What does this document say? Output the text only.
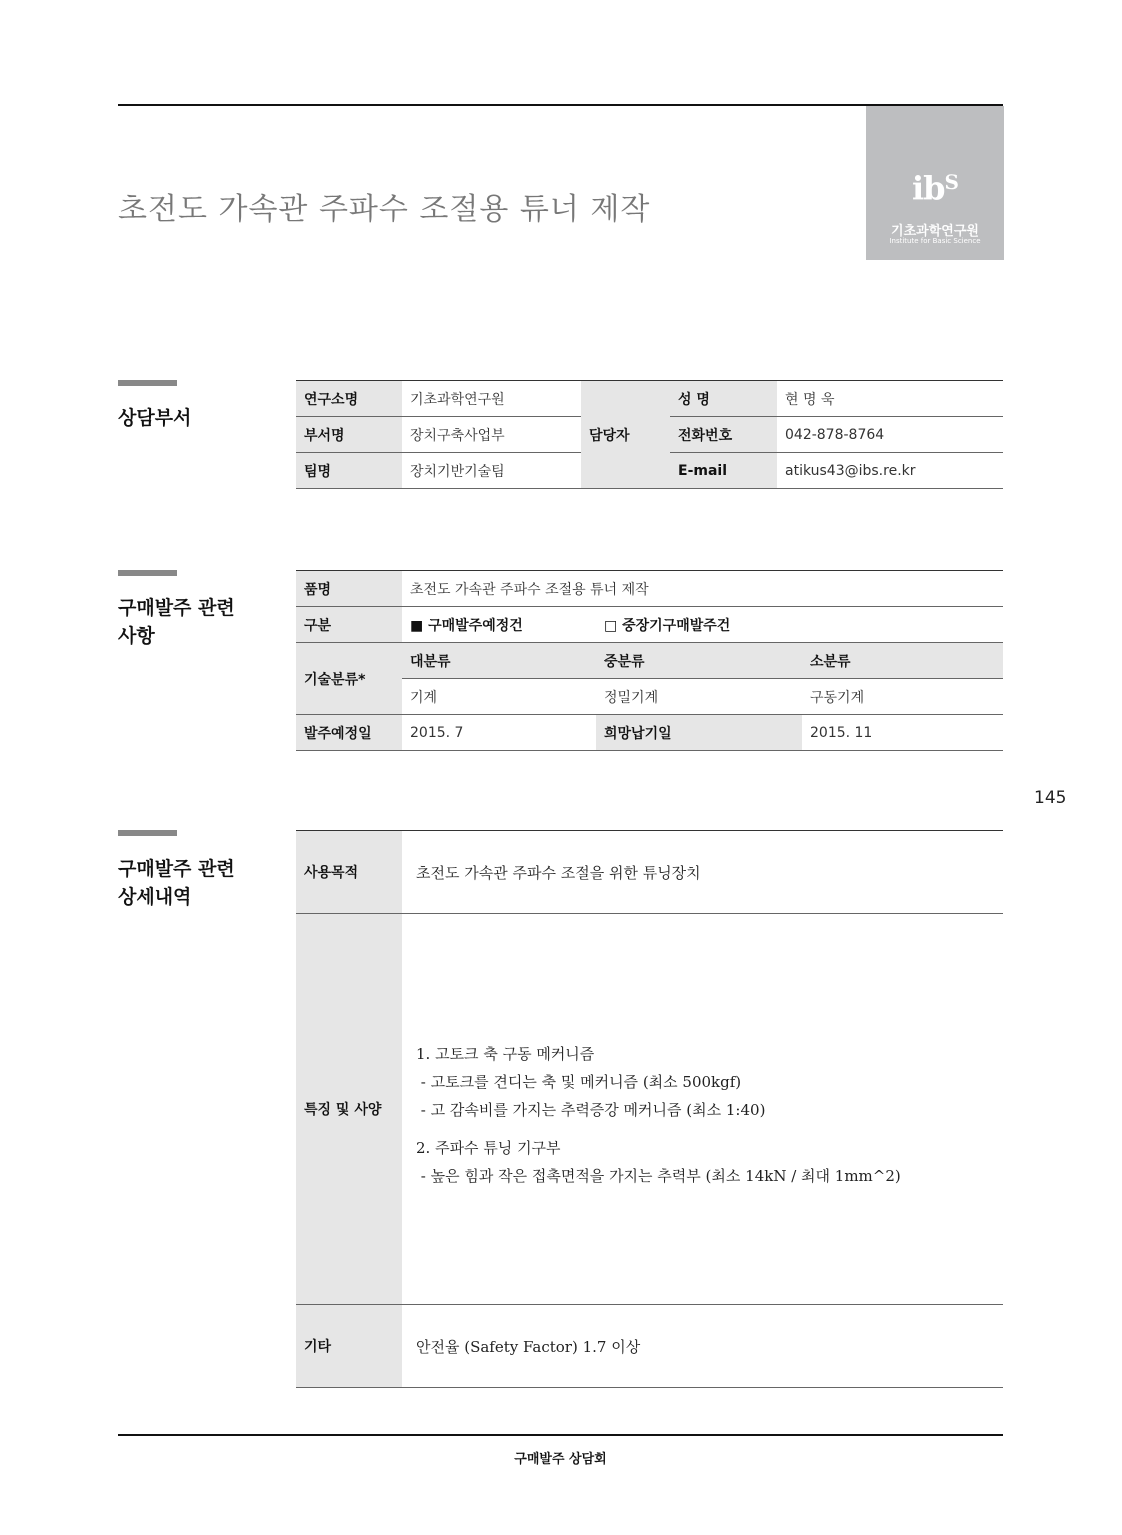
$ib^S$
기초과학연구원
Institute for Basic Science
초전도 가속관 주파수 조절용 튜너 제작
상담부서
연구소명	기초과학연구원	담당자	성 명	현 명 욱
부서명	장치구축사업부		전화번호	042-878-8764
팀명	장치기반기술팀		E-mail	atikus43@ibs.re.kr
구매발주 관련
사항
품명	초전도 가속관 주파수 조절용 튜너 제작		
구분	■ 구매발주예정건	□ 중장기구매발주건	
기술분류*	대분류	중분류	소분류
	기계	정밀기계	구동기계
발주예정일	2015. 7	희망납기일	2015. 11
145
구매발주 관련
상세내역
사용목적	초전도 가속관 주파수 조절을 위한 튜닝장치
특징 및 사양	1. 고토크 축 구동 메커니즘
- 고토크를 견디는 축 및 메커니즘 (최소 500kgf)
- 고 감속비를 가지는 추력증강 메커니즘 (최소 1:40)
2. 주파수 튜닝 기구부
- 높은 힘과 작은 접촉면적을 가지는 추력부 (최소 14kN / 최대 1mm^2)

기타	안전율 (Safety Factor) 1.7 이상
구매발주 상담회
